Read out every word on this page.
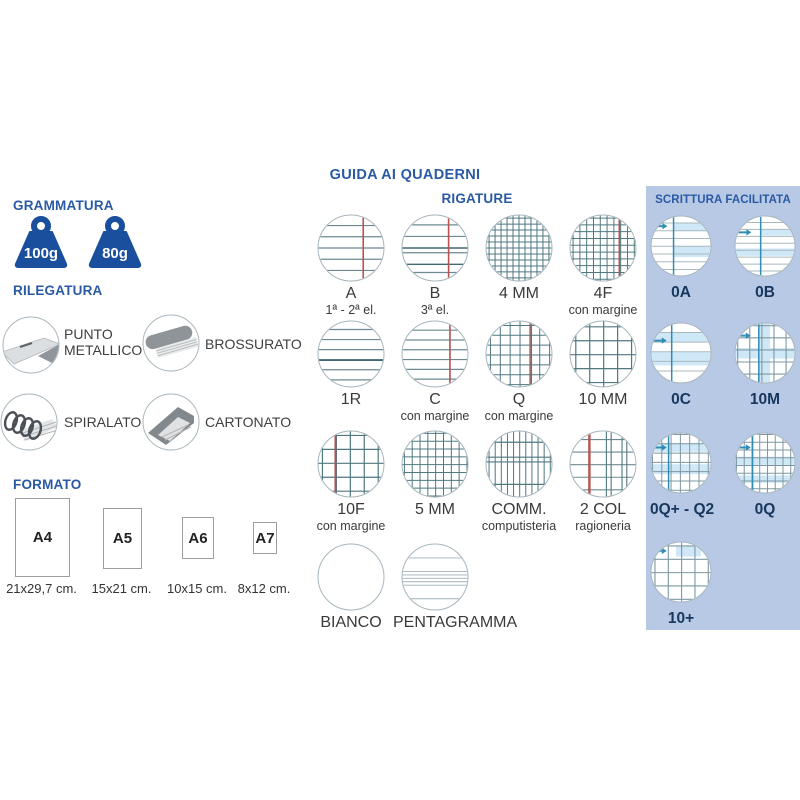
GRAMMATURA
100g	80g
RILEGATURA
PUNTO METALLICO	BROSSURATO
SPIRALATO	CARTONATO
FORMATO
A4
21x29,7 cm.
A5
15x21 cm.
A6
10x15 cm.
A7
8x12 cm.
GUIDA AI QUADERNI
RIGATURE
A
1ª - 2ª el.
B
3ª el.
4 MM	4F
con margine
1R	C
con margine
Q
con margine
10 MM
10F
con margine
5 MM	COMM.
computisteria
2 COL
ragioneria
BIANCO PENTAGRAMMA
SCRITTURA FACILITATA
0A	0B
0C	10M
0Q+ - Q2	0Q
10+
